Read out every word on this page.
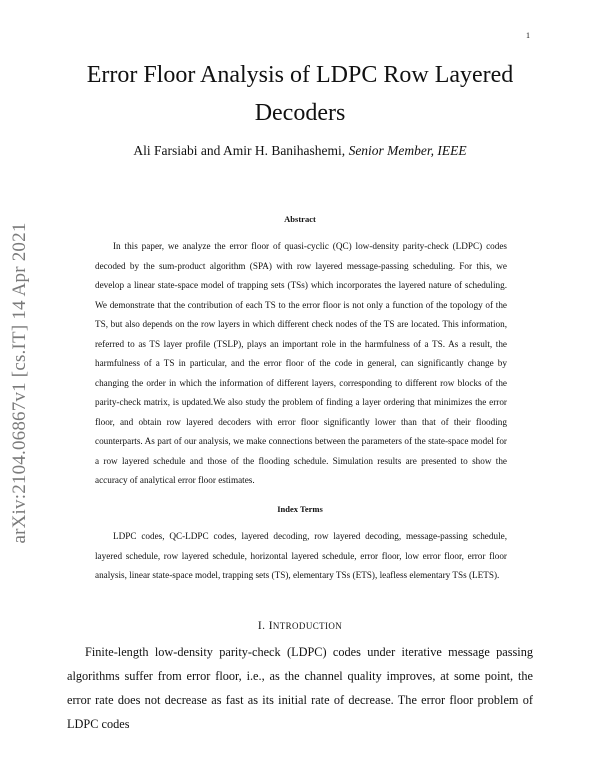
1
arXiv:2104.06867v1 [cs.IT] 14 Apr 2021
Error Floor Analysis of LDPC Row Layered Decoders
Ali Farsiabi and Amir H. Banihashemi, Senior Member, IEEE
Abstract

In this paper, we analyze the error floor of quasi-cyclic (QC) low-density parity-check (LDPC) codes decoded by the sum-product algorithm (SPA) with row layered message-passing scheduling. For this, we develop a linear state-space model of trapping sets (TSs) which incorporates the layered nature of scheduling. We demonstrate that the contribution of each TS to the error floor is not only a function of the topology of the TS, but also depends on the row layers in which different check nodes of the TS are located. This information, referred to as TS layer profile (TSLP), plays an important role in the harmfulness of a TS. As a result, the harmfulness of a TS in particular, and the error floor of the code in general, can significantly change by changing the order in which the information of different layers, corresponding to different row blocks of the parity-check matrix, is updated.We also study the problem of finding a layer ordering that minimizes the error floor, and obtain row layered decoders with error floor significantly lower than that of their flooding counterparts. As part of our analysis, we make connections between the parameters of the state-space model for a row layered schedule and those of the flooding schedule. Simulation results are presented to show the accuracy of analytical error floor estimates.

Index Terms

LDPC codes, QC-LDPC codes, layered decoding, row layered decoding, message-passing schedule, layered schedule, row layered schedule, horizontal layered schedule, error floor, low error floor, error floor analysis, linear state-space model, trapping sets (TS), elementary TSs (ETS), leafless elementary TSs (LETS).

I. INTRODUCTION

Finite-length low-density parity-check (LDPC) codes under iterative message passing algorithms suffer from error floor, i.e., as the channel quality improves, at some point, the error rate does not decrease as fast as its initial rate of decrease. The error floor problem of LDPC codes
